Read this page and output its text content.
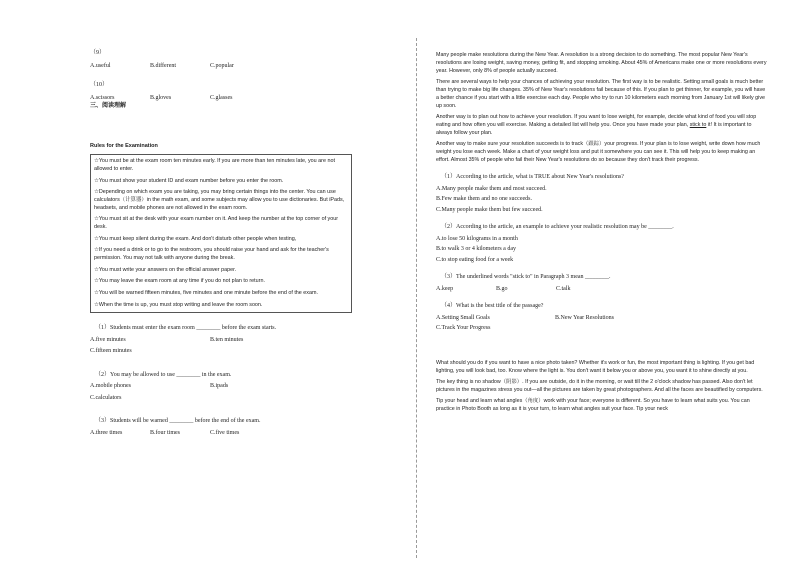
（9）
A.useful	B.different	C.popular
（10）
A.scissors	B.gloves	C.glasses
三、阅读理解
Rules for the Examination
☆You must be at the exam room ten minutes early. If you are more than ten minutes late, you are not allowed to enter.
☆You must show your student ID and exam number before you enter the room.
☆Depending on which exam you are taking, you may bring certain things into the center. You can use calculators（计算器）in the math exam, and some subjects may allow you to use dictionaries. But iPads, headsets, and mobile phones are not allowed in the exam room.
☆You must sit at the desk with your exam number on it. And keep the number at the top corner of your desk.
☆You must keep silent during the exam. And don't disturb other people when testing,
☆If you need a drink or to go to the restroom, you should raise your hand and ask for the teacher's permission. You may not talk with anyone during the break.
☆You must write your answers on the official answer paper.
☆You may leave the exam room at any time if you do not plan to return.
☆You will be warned fifteen minutes, five minutes and one minute before the end of the exam.
☆When the time is up, you must stop writing and leave the room soon.
（1）Students must enter the exam room ________ before the exam starts.
A.five minutes	B.ten minutes
C.fifteen minutes
（2）You may be allowed to use ________ in the exam.
A.mobile phones	B.ipads
C.calculators
（3）Students will be warned ________ before the end of the exam.
A.three times	B.four times	C.five times

Many people make resolutions during the New Year. A resolution is a strong decision to do something. The most popular New Year's resolutions are losing weight, saving money, getting fit, and stopping smoking. About 45% of Americans make one or more resolutions every year. However, only 8% of people actually succeed.

There are several ways to help your chances of achieving your resolution. The first way is to be realistic. Setting small goals is much better than trying to make big life changes. 35% of New Year's resolutions fail because of this. If you plan to get thinner, for example, you will have a better chance if you start with a little exercise each day. People who try to run 10 kilometers each morning from January 1st will likely give up soon.

Another way is to plan out how to achieve your resolution. If you want to lose weight, for example, decide what kind of food you will stop eating and how often you will exercise. Making a detailed list will help you. Once you have made your plan, stick to it! It is important to always follow your plan.

Another way to make sure your resolution succeeds is to track（跟踪）your progress. If your plan is to lose weight, write down how much weight you lose each week. Make a chart of your weight loss and put it somewhere you can see it. This will help you to keep making an effort. Almost 35% of people who fail their New Year's resolutions do so because they don't track their progress.

（1）According to the article, what is TRUE about New Year's resolutions?
A.Many people make them and most succeed.
B.Few make them and no one succeeds.
C.Many people make them but few succeed.
（2）According to the article, an example to achieve your realistic resolution may be ________.
A.to lose 50 kilograms in a month
B.to walk 3 or 4 kilometers a day
C.to stop eating food for a week
（3）The underlined words "stick to" in Paragraph 3 mean ________.
A.keep	B.go	C.talk
（4）What is the best title of the passage?
A.Setting Small Goals	B.New Year Resolutions
C.Track Your Progress

What should you do if you want to have a nice photo taken? Whether it's work or fun, the most important thing is lighting. If you get bad lighting, you will look bad, too. Know where the light is. You don't want it below you or above you, you want it to shine directly at you.

The key thing is no shadow（阴影）. If you are outside, do it in the morning, or wait till the 2 o'clock shadow has passed. Also don't let pictures in the magazines stress you out—all the pictures are taken by great photographers. And all the faces are beautified by computers.

Tip your head and learn what angles（角度）work with your face; everyone is different. So you have to learn what suits you. You can practice in Photo Booth as long as it is your turn, to learn what angles suit your face. Tip your neck
